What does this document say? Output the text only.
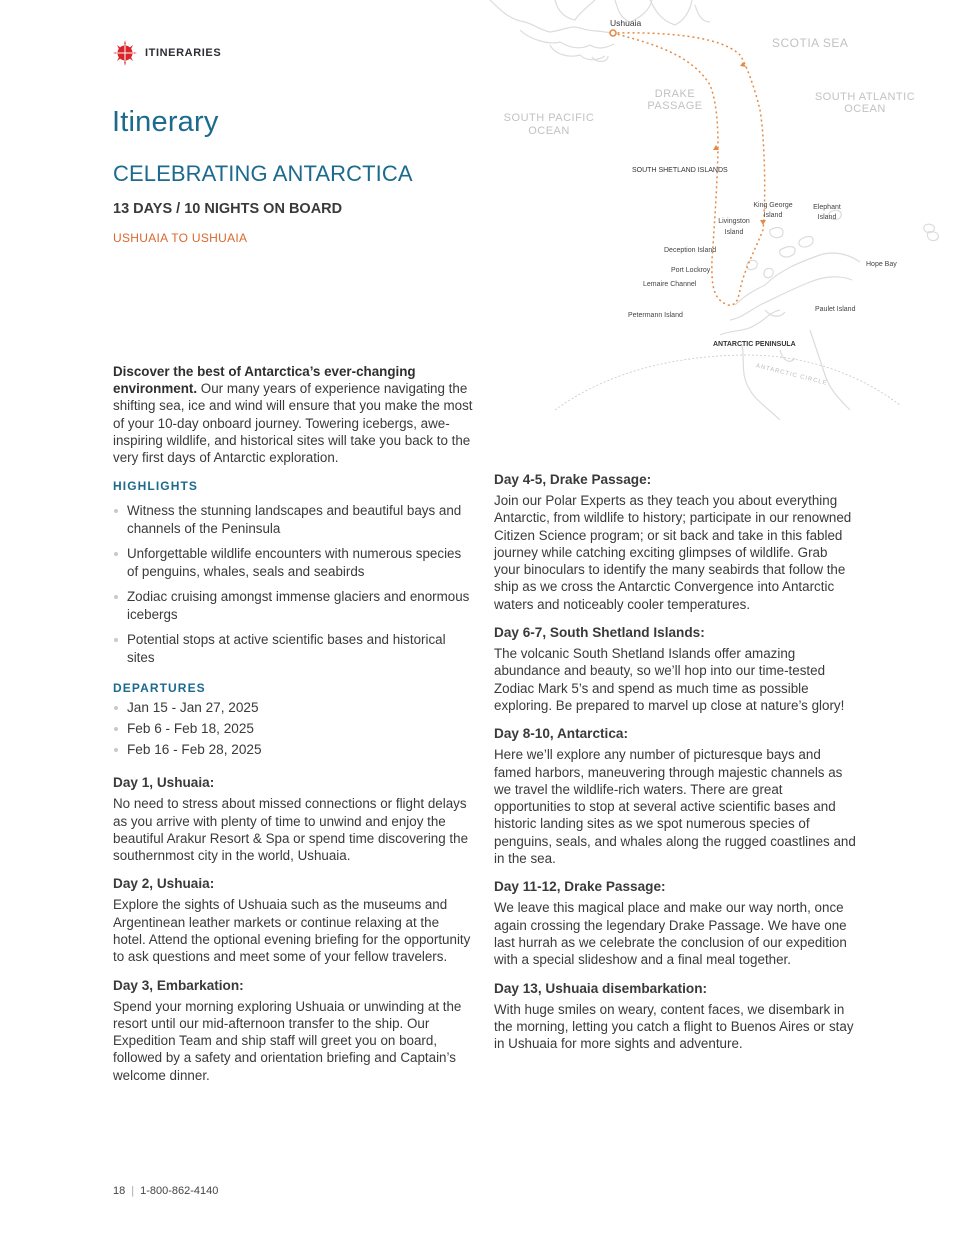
ITINERARIES
Itinerary
CELEBRATING ANTARCTICA
13 DAYS / 10 NIGHTS ON BOARD
USHUAIA TO USHUAIA
ANTARCTIC CIRCLE
Ushuaia
SCOTIA SEA
DRAKE
PASSAGE
SOUTH PACIFIC
OCEAN
SOUTH ATLANTIC
OCEAN
SOUTH SHETLAND ISLANDS
King George
Island
Elephant
Island
Livingston
Island
Deception Island
Port Lockroy
Lemaire Channel
Hope Bay
Paulet Island
Petermann Island
ANTARCTIC PENINSULA

Discover the best of Antarctica’s ever-changing environment. Our many years of experience navigating the shifting sea, ice and wind will ensure that you make the most of your 10-day onboard journey. Towering icebergs, awe-inspiring wildlife, and historical sites will take you back to the very first days of Antarctic exploration.

HIGHLIGHTS
Witness the stunning landscapes and beautiful bays and channels of the Peninsula
Unforgettable wildlife encounters with numerous species of penguins, whales, seals and seabirds
Zodiac cruising amongst immense glaciers and enormous icebergs
Potential stops at active scientific bases and historical sites
DEPARTURES
Jan 15 - Jan 27, 2025
Feb 6 - Feb 18, 2025
Feb 16 - Feb 28, 2025
Day 1, Ushuaia:

No need to stress about missed connections or flight delays as you arrive with plenty of time to unwind and enjoy the beautiful Arakur Resort & Spa or spend time discovering the southernmost city in the world, Ushuaia.

Day 2, Ushuaia:

Explore the sights of Ushuaia such as the museums and Argentinean leather markets or continue relaxing at the hotel. Attend the optional evening briefing for the opportunity to ask questions and meet some of your fellow travelers.

Day 3, Embarkation:

Spend your morning exploring Ushuaia or unwinding at the resort until our mid-afternoon transfer to the ship. Our Expedition Team and ship staff will greet you on board, followed by a safety and orientation briefing and Captain’s welcome dinner.

Day 4-5, Drake Passage:

Join our Polar Experts as they teach you about everything Antarctic, from wildlife to history; participate in our renowned Citizen Science program; or sit back and take in this fabled journey while catching exciting glimpses of wildlife. Grab your binoculars to identify the many seabirds that follow the ship as we cross the Antarctic Convergence into Antarctic waters and noticeably cooler temperatures.

Day 6-7, South Shetland Islands:

The volcanic South Shetland Islands offer amazing abundance and beauty, so we’ll hop into our time-tested Zodiac Mark 5’s and spend as much time as possible exploring. Be prepared to marvel up close at nature’s glory!

Day 8-10, Antarctica:

Here we’ll explore any number of picturesque bays and famed harbors, maneuvering through majestic channels as we travel the wildlife-rich waters. There are great opportunities to stop at several active scientific bases and historic landing sites as we spot numerous species of penguins, seals, and whales along the rugged coastlines and in the sea.

Day 11-12, Drake Passage:

We leave this magical place and make our way north, once again crossing the legendary Drake Passage. We have one last hurrah as we celebrate the conclusion of our expedition with a special slideshow and a final meal together.

Day 13, Ushuaia disembarkation:

With huge smiles on weary, content faces, we disembark in the morning, letting you catch a flight to Buenos Aires or stay in Ushuaia for more sights and adventure.

18 | 1-800-862-4140
